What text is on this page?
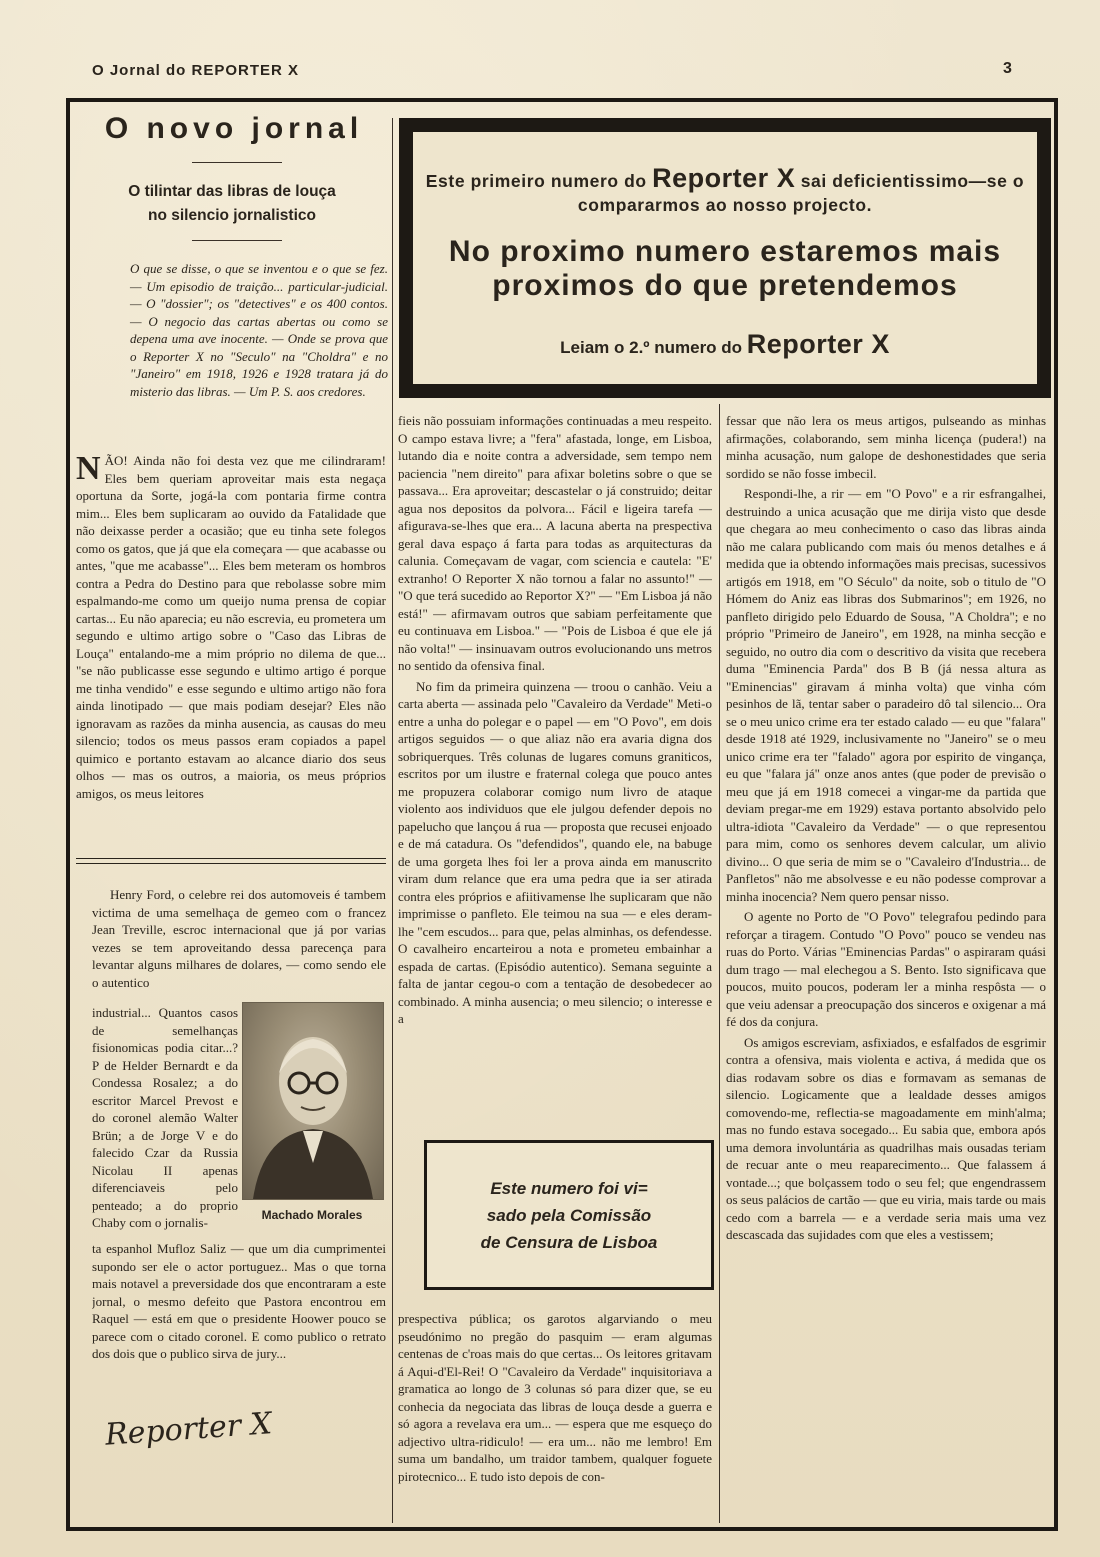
O Jornal do REPORTER X	3
O novo jornal
O tilintar das libras de louça
no silencio jornalistico
O que se disse, o que se inventou e o que se fez. — Um episodio de traição... particular-judicial. — O "dossier"; os "detectives" e os 400 contos. — O negocio das cartas abertas ou como se depena uma ave inocente. — Onde se prova que o Reporter X no "Seculo" na "Choldra" e no "Janeiro" em 1918, 1926 e 1928 tratara já do misterio das libras. — Um P. S. aos credores.

NÃO! Ainda não foi desta vez que me cilindraram! Eles bem queriam aproveitar mais esta negaça oportuna da Sorte, jogá-la com pontaria firme contra mim... Eles bem suplicaram ao ouvido da Fatalidade que não deixasse perder a ocasião; que eu tinha sete folegos como os gatos, que já que ela começara — que acabasse ou antes, "que me acabasse"... Eles bem meteram os hombros contra a Pedra do Destino para que rebolasse sobre mim espalmando-me como um queijo numa prensa de copiar cartas... Eu não aparecia; eu não escrevia, eu prometera um segundo e ultimo artigo sobre o "Caso das Libras de Louça" entalando-me a mim próprio no dilema de que... "se não publicasse esse segundo e ultimo artigo é porque me tinha vendido" e esse segundo e ultimo artigo não fora ainda linotipado — que mais podiam desejar? Eles não ignoravam as razões da minha ausencia, as causas do meu silencio; todos os meus passos eram copiados a papel quimico e portanto estavam ao alcance diario dos seus olhos — mas os outros, a maioria, os meus próprios amigos, os meus leitores

Henry Ford, o celebre rei dos automoveis é tambem victima de uma semelhaça de gemeo com o francez Jean Treville, escroc internacional que já por varias vezes se tem aproveitando dessa parecença para levantar alguns milhares de dolares, — como sendo ele o autentico

industrial... Quantos casos de semelhanças fisionomicas podia citar...? P de Helder Bernardt e da Condessa Rosalez; a do escritor Marcel Prevost e do coronel alemão Walter Brün; a de Jorge V e do falecido Czar da Russia Nicolau II apenas diferenciaveis pelo penteado; a do proprio Chaby com o jornalis-	Machado Morales

ta espanhol Mufloz Saliz — que um dia cumprimentei supondo ser ele o actor portuguez.. Mas o que torna mais notavel a preversidade dos que encontraram a este jornal, o mesmo defeito que Pastora encontrou em Raquel — está em que o presidente Hoower pouco se parece com o citado coronel. E como publico o retrato dos dois que o publico sirva de jury...

Reporter X
Este primeiro numero do Reporter X sai deficientissimo—se o compararmos ao nosso projecto.
No proximo numero estaremos mais proximos do que pretendemos
Leiam o 2.º numero do Reporter X

fieis não possuiam informações continuadas a meu respeito. O campo estava livre; a "fera" afastada, longe, em Lisboa, lutando dia e noite contra a adversidade, sem tempo nem paciencia "nem direito" para afixar boletins sobre o que se passava... Era aproveitar; descastelar o já construido; deitar agua nos depositos da polvora... Fácil e ligeira tarefa — afigurava-se-lhes que era... A lacuna aberta na prespectiva geral dava espaço á farta para todas as arquitecturas da calunia. Começavam de vagar, com sciencia e cautela: "E' extranho! O Reporter X não tornou a falar no assunto!" — "O que terá sucedido ao Reportor X?" — "Em Lisboa já não está!" — afirmavam outros que sabiam perfeitamente que eu continuava em Lisboa." — "Pois de Lisboa é que ele já não volta!" — insinuavam outros evolucionando uns metros no sentido da ofensiva final.

No fim da primeira quinzena — troou o canhão. Veiu a carta aberta — assinada pelo "Cavaleiro da Verdade" Meti-o entre a unha do polegar e o papel — em "O Povo", em dois artigos seguidos — o que aliaz não era avaria digna dos sobriquerques. Três colunas de lugares comuns graniticos, escritos por um ilustre e fraternal colega que pouco antes me propuzera colaborar comigo num livro de ataque violento aos individuos que ele julgou defender depois no papelucho que lançou á rua — proposta que recusei enjoado e de má catadura. Os "defendidos", quando ele, na babuge de uma gorgeta lhes foi ler a prova ainda em manuscrito viram dum relance que era uma pedra que ia ser atirada contra eles próprios e afiitivamense lhe suplicaram que não imprimisse o panfleto. Ele teimou na sua — e eles deram-lhe "cem escudos... para que, pelas alminhas, os defendesse. O cavalheiro encarteirou a nota e prometeu embainhar a espada de cartas. (Episódio autentico). Semana seguinte a falta de jantar cegou-o com a tentação de desobedecer ao combinado. A minha ausencia; o meu silencio; o interesse e a

Este numero foi vi=
sado pela Comissão
de Censura de Lisboa

prespectiva pública; os garotos algarviando o meu pseudónimo no pregão do pasquim — eram algumas centenas de c'roas mais do que certas... Os leitores gritavam á Aqui-d'El-Rei! O "Cavaleiro da Verdade" inquisitoriava a gramatica ao longo de 3 colunas só para dizer que, se eu conhecia da negociata das libras de louça desde a guerra e só agora a revelava era um... — espera que me esqueço do adjectivo ultra-ridiculo! — era um... não me lembro! Em suma um bandalho, um traidor tambem, qualquer foguete pirotecnico... E tudo isto depois de con-

fessar que não lera os meus artigos, pulseando as minhas afirmações, colaborando, sem minha licença (pudera!) na minha acusação, num galope de deshonestidades que seria sordido se não fosse imbecil.

Respondi-lhe, a rir — em "O Povo" e a rir esfrangalhei, destruindo a unica acusação que me dirija visto que desde que chegara ao meu conhecimento o caso das libras ainda não me calara publicando com mais óu menos detalhes e á medida que ia obtendo informações mais precisas, sucessivos artigós em 1918, em "O Século" da noite, sob o titulo de "O Hómem do Aniz eas libras dos Submarinos"; em 1926, no panfleto dirigido pelo Eduardo de Sousa, "A Choldra"; e no próprio "Primeiro de Janeiro", em 1928, na minha secção e seguido, no outro dia com o descritivo da visita que recebera duma "Eminencia Parda" dos B B (já nessa altura as "Eminencias" giravam á minha volta) que vinha cóm pesinhos de lã, tentar saber o paradeiro dô tal silencio... Ora se o meu unico crime era ter estado calado — eu que "falara" desde 1918 até 1929, inclusivamente no "Janeiro" se o meu unico crime era ter "falado" agora por espirito de vingança, eu que "falara já" onze anos antes (que poder de previsão o meu que já em 1918 comecei a vingar-me da partida que deviam pregar-me em 1929) estava portanto absolvido pelo ultra-idiota "Cavaleiro da Verdade" — o que representou para mim, como os senhores devem calcular, um alivio divino... O que seria de mim se o "Cavaleiro d'Industria... de Panfletos" não me absolvesse e eu não podesse comprovar a minha inocencia? Nem quero pensar nisso.

O agente no Porto de "O Povo" telegrafou pedindo para reforçar a tiragem. Contudo "O Povo" pouco se vendeu nas ruas do Porto. Várias "Eminencias Pardas" o aspiraram quási dum trago — mal elechegou a S. Bento. Isto significava que poucos, muito poucos, poderam ler a minha respôsta — o que veiu adensar a preocupação dos sinceros e oxigenar a má fé dos da conjura.

Os amigos escreviam, asfixiados, e esfalfados de esgrimir contra a ofensiva, mais violenta e activa, á medida que os dias rodavam sobre os dias e formavam as semanas de silencio. Logicamente que a lealdade desses amigos comovendo-me, reflectia-se magoadamente em minh'alma; mas no fundo estava socegado... Eu sabia que, embora após uma demora involuntária as quadrilhas mais ousadas teriam de recuar ante o meu reaparecimento... Que falassem á vontade...; que bolçassem todo o seu fel; que engendrassem os seus palácios de cartão — que eu viria, mais tarde ou mais cedo com a barrela — e a verdade seria mais uma vez descascada das sujidades com que eles a vestissem;
